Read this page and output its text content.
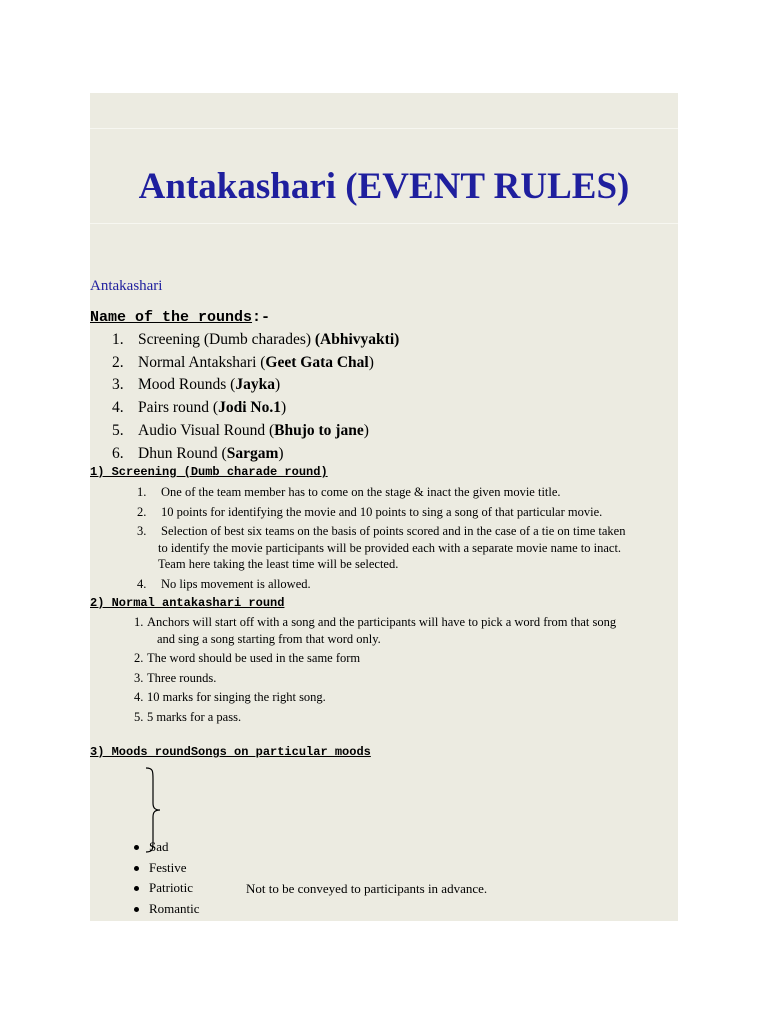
Antakashari (EVENT RULES)
Antakashari
Name of the rounds:-
1. Screening (Dumb charades) (Abhivyakti)
2. Normal Antakshari (Geet Gata Chal)
3. Mood Rounds (Jayka)
4. Pairs round (Jodi No.1)
5. Audio Visual Round (Bhujo to jane)
6. Dhun Round (Sargam)
1) Screening (Dumb charade round)
1. One of the team member has to come on the stage & inact the given movie title.
2. 10 points for identifying the movie and 10 points to sing a song of that particular movie.
3. Selection of best six teams on the basis of points scored and in the case of a tie on time taken
to identify the movie participants will be provided each with a separate movie name to inact.
Team here taking the least time will be selected.
4. No lips movement is allowed.
2) Normal antakashari round
1. Anchors will start off with a song and the participants will have to pick a word from that song
and sing a song starting from that word only.
2. The word should be used in the same form
3. Three rounds.
4. 10 marks for singing the right song.
5. 5 marks for a pass.
3) Moods roundSongs on particular moods
Sad
Festive
Patriotic
Romantic
Not to be conveyed to participants in advance.
